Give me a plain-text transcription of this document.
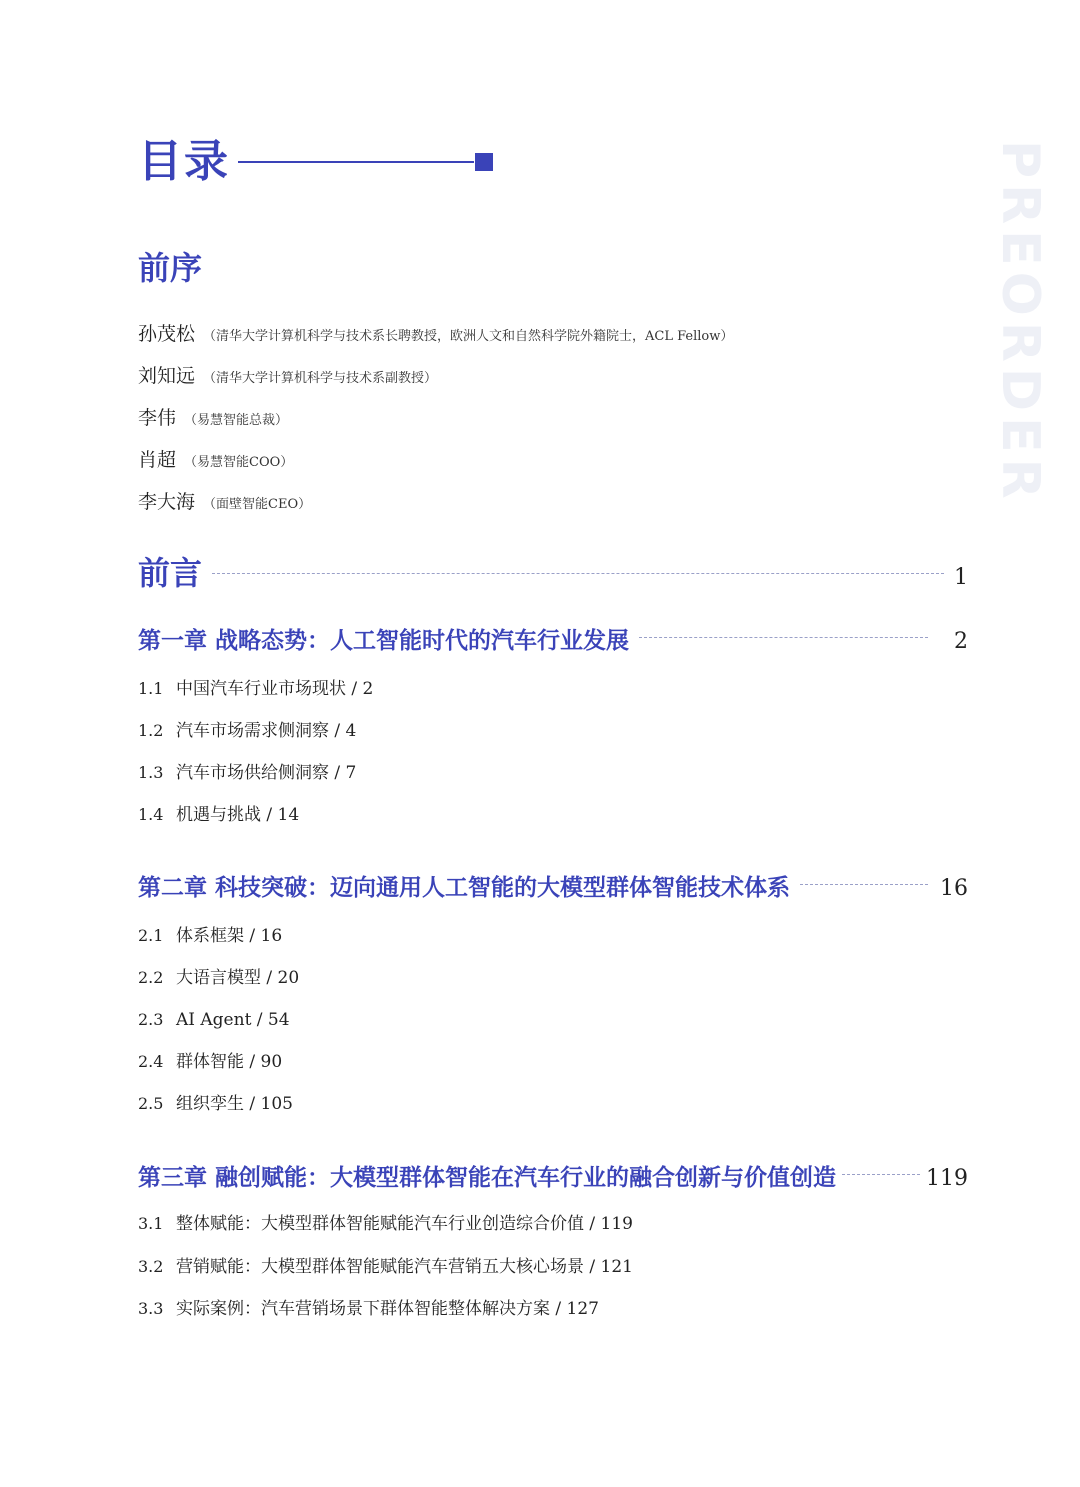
目录	PREORDER
前序
孙茂松 （清华大学计算机科学与技术系长聘教授，欧洲人文和自然科学院外籍院士，ACL Fellow）
刘知远 （清华大学计算机科学与技术系副教授）
李伟 （易慧智能总裁）
肖超 （易慧智能COO）
李大海 （面壁智能CEO）
前言	1
第一章 战略态势：人工智能时代的汽车行业发展	2
1.1 中国汽车行业市场现状 / 2
1.2 汽车市场需求侧洞察 / 4
1.3 汽车市场供给侧洞察 / 7
1.4 机遇与挑战 / 14
第二章 科技突破：迈向通用人工智能的大模型群体智能技术体系	16
2.1 体系框架 / 16
2.2 大语言模型 / 20
2.3 AI Agent / 54
2.4 群体智能 / 90
2.5 组织孪生 / 105
第三章 融创赋能：大模型群体智能在汽车行业的融合创新与价值创造	119
3.1 整体赋能：大模型群体智能赋能汽车行业创造综合价值 / 119
3.2 营销赋能：大模型群体智能赋能汽车营销五大核心场景 / 121
3.3 实际案例：汽车营销场景下群体智能整体解决方案 / 127
